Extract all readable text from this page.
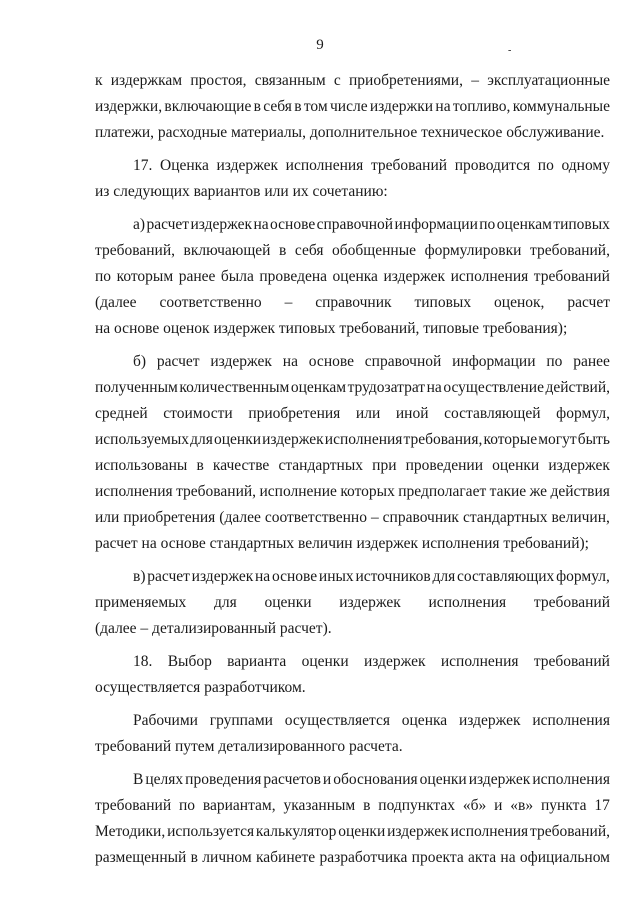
9	-
к издержкам простоя, связанным с приобретениями, – эксплуатационные
издержки, включающие в себя в том числе издержки на топливо, коммунальные
платежи, расходные материалы, дополнительное техническое обслуживание.
17. Оценка издержек исполнения требований проводится по одному
из следующих вариантов или их сочетанию:
а) расчет издержек на основе справочной информации по оценкам типовых
требований, включающей в себя обобщенные формулировки требований,
по которым ранее была проведена оценка издержек исполнения требований
(далее соответственно – справочник типовых оценок, расчет
на основе оценок издержек типовых требований, типовые требования);
б) расчет издержек на основе справочной информации по ранее
полученным количественным оценкам трудозатрат на осуществление действий,
средней стоимости приобретения или иной составляющей формул,
используемых для оценки издержек исполнения требования, которые могут быть
использованы в качестве стандартных при проведении оценки издержек
исполнения требований, исполнение которых предполагает такие же действия
или приобретения (далее соответственно – справочник стандартных величин,
расчет на основе стандартных величин издержек исполнения требований);
в) расчет издержек на основе иных источников для составляющих формул,
применяемых для оценки издержек исполнения требований
(далее – детализированный расчет).
18. Выбор варианта оценки издержек исполнения требований
осуществляется разработчиком.
Рабочими группами осуществляется оценка издержек исполнения
требований путем детализированного расчета.
В целях проведения расчетов и обоснования оценки издержек исполнения
требований по вариантам, указанным в подпунктах «б» и «в» пункта 17
Методики, используется калькулятор оценки издержек исполнения требований,
размещенный в личном кабинете разработчика проекта акта на официальном
